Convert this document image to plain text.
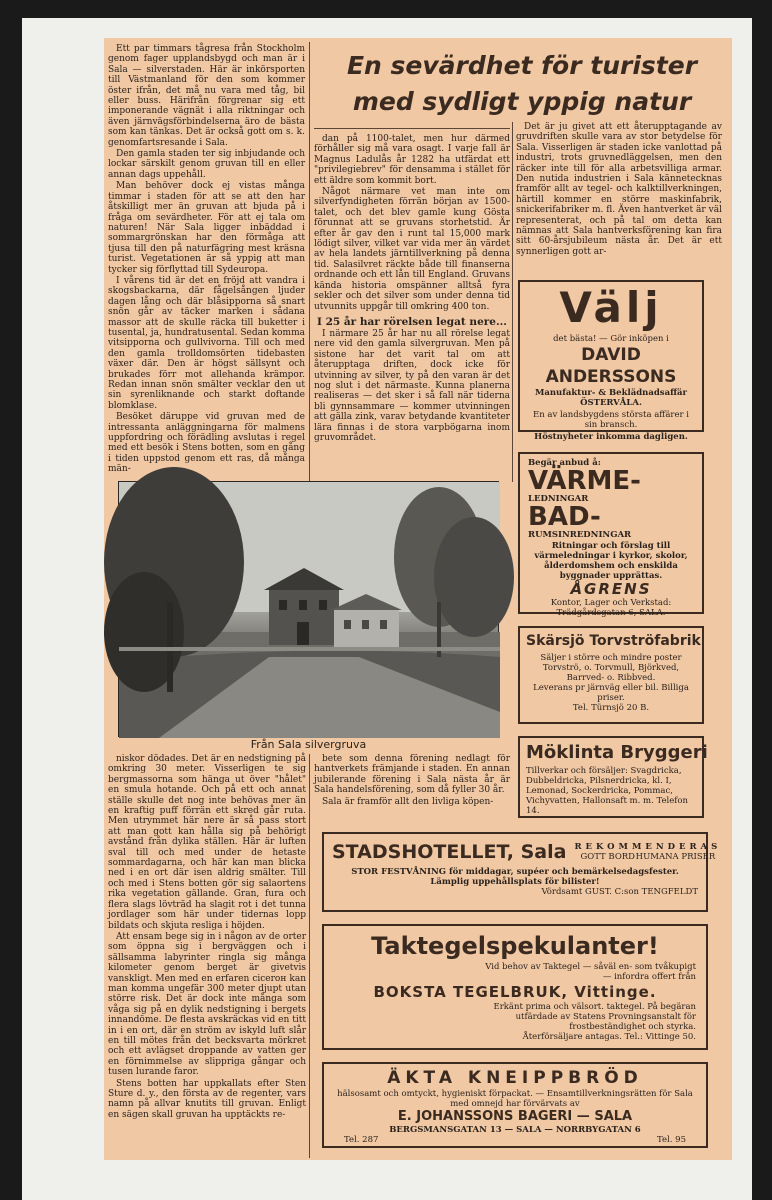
Ett par timmars tågresa från Stockholm genom fager upplandsbygd och man är i Sala — silverstaden. Här är inkörsporten till Västmanland för den som kommer öster ifrån, det må nu vara med tåg, bil eller buss. Härifrån förgrenar sig ett imponerande vägnät i alla riktningar och även järnvägsförbindelserna äro de bästa som kan tänkas. Det är också gott om s. k. genomfartsresande i Sala.

Den gamla staden ter sig inbjudande och lockar särskilt genom gruvan till en eller annan dags uppehåll.

Man behöver dock ej vistas många timmar i staden för att se att den har åtskilligt mer än gruvan att bjuda på i fråga om sevärdheter. För att ej tala om naturen! När Sala ligger inbäddad i sommargrönskan har den förmåga att tjusa till den på naturfägring mest kräsna turist. Vegetationen är så yppig att man tycker sig förflyttad till Sydeuropa.

I vårens tid är det en fröjd att vandra i skogsbackarna, där fågelsången ljuder dagen lång och där blåsipporna så snart snön går av täcker marken i sådana massor att de skulle räcka till buketter i tusental, ja, hundratusental. Sedan komma vitsipporna och gullvivorna. Till och med den gamla trolldomsörten tidebasten växer där. Den är högst sällsynt och brukades förr mot allehanda krämpor. Redan innan snön smälter vecklar den ut sin syrenliknande och starkt doftande blomklase.

Besöket däruppe vid gruvan med de intressanta anläggningarna för malmens uppfordring och förädling avslutas i regel med ett besök i Stens botten, som en gång i tiden uppstod genom ett ras, då många män-

En sevärdhet för turister
med sydligt yppig natur

dan på 1100-talet, men hur därmed förhåller sig må vara osagt. I varje fall är Magnus Ladulås år 1282 ha utfärdat ett "privilegiebrev" för densamma i stället för ett äldre som kommit bort.

Något närmare vet man inte om silverfyndigheten förrän början av 1500-talet, och det blev gamle kung Gösta förunnat att se gruvans storhetstid. Är efter år gav den i runt tal 15,000 mark lödigt silver, vilket var vida mer än värdet av hela landets järntillverkning på denna tid. Salasilvret räckte både till finanserna ordnande och ett lån till England. Gruvans kända historia omspänner alltså fyra sekler och det silver som under denna tid utvunnits uppgår till omkring 400 ton.

I 25 år har rörelsen legat nere...

I närmare 25 år har nu all rörelse legat nere vid den gamla silvergruvan. Men på sistone har det varit tal om att återupptaga driften, dock icke för utvinning av silver, ty på den varan är det nog slut i det närmaste. Kunna planerna realiseras — det sker i så fall när tiderna bli gynnsammare — kommer utvinningen att gälla zink, varav betydande kvantiteter lära finnas i de stora varpbögarna inom gruvområdet.

Det är ju givet att ett återupptagande av gruvdriften skulle vara av stor betydelse för Sala. Visserligen är staden icke vanlottad på industri, trots gruvnedläggelsen, men den räcker inte till för alla arbetsvilliga armar. Den nutida industrien i Sala kännetecknas framför allt av tegel- och kalktillverkningen, härtill kommer en större maskinfabrik, snickerifabriker m. fl. Även hantverket är väl representerat, och på tal om detta kan nämnas att Sala hantverksförening kan fira sitt 60-årsjubileum nästa år. Det är ett synnerligen gott ar-

Från Sala silvergruva

niskor dödades. Det är en nedstigning på omkring 30 meter. Visserligen te sig bergmassorna som hänga ut över "hålet" en smula hotande. Och på ett och annat ställe skulle det nog inte behövas mer än en kraftig puff förrän ett skred går ruta. Men utrymmet här nere är så pass stort att man gott kan hålla sig på behörigt avstånd från dylika ställen. Här är luften sval till och med under de hetaste sommardagarna, och här kan man blicka ned i en ort där isen aldrig smälter. Till och med i Stens botten gör sig salaortens rika vegetation gällande. Gran, fura och flera slags lövträd ha slagit rot i det tunna jordlager som här under tidernas lopp bildats och skjuta resliga i höjden.

Att ensam bege sig in i någon av de orter som öppna sig i bergväggen och i sällsamma labyrinter ringla sig många kilometer genom berget är givetvis vanskligt. Men med en erfaren cicerон kan man komma ungefär 300 meter djupt utan större risk. Det är dock inte många som våga sig på en dylik nedstigning i bergets innandöme. De flesta avskräckas vid en titt in i en ort, där en ström av iskyld luft slår en till mötes från det becksvarta mörkret och ett avlägset droppande av vatten ger en förnimmelse av slippriga gångar och tusen lurande faror.

Stens botten har uppkallats efter Sten Sture d. y., den första av de regenter, vars namn på allvar knutits till gruvan. Enligt en sägen skall gruvan ha upptäckts re-

bete som denna förening nedlagt för hantverkets främjande i staden. En annan jubilerande förening i Sala nästa år är Sala handelsförening, som då fyller 30 år.

Sala är framför allt den livliga köpen-

Välj
det bästa! — Gör inköpen i
DAVID ANDERSSONS
Manufaktur- & Beklädnadsaffär
ÖSTERVÅLA.
En av landsbygdens största affärer i sin bransch.
Höstnyheter inkomma dagligen.
Begär anbud å:
VÄRME-
LEDNINGAR
BAD-
RUMSINREDNINGAR
Ritningar och förslag till värmeledningar i kyrkor, skolor, ålderdomshem och enskilda byggnader upprättas.
ÅGRENS
Kontor, Lager och Verkstad: Trädgårdsgatan 6, SALA.
Skärsjö Torvströfabrik
Säljer i större och mindre poster Torvströ, o. Torvmull, Björkved, Barrved- o. Ribbved.
Leverans pr järnväg eller bil. Billiga priser.
Tel. Türnsjö 20 B.
Möklinta Bryggeri
Tillverkar och försäljer: Svagdricka, Dubbeldricka, Pilsnerdricka, kl. I, Lemonad, Sockerdricka, Pommac, Vichyvatten, Hallonsaft m. m. Telefon 14.
STADSHOTELLET, Sala REKOMMENDERAS
GOTT BORD HUMANA PRISER
STOR FESTVÅNING för middagar, supéer och bemärkelsedagsfester.
Lämplig uppehållsplats för bilister!
Vördsamt GUST. C:son TENGFELDT
Taktegelspekulanter!
Vid behov av Taktegel — såväl en- som tvåkupigt — infordra offert från
BOKSTA TEGELBRUK, Vittinge.
Erkänt prima och välsort. taktegel. På begäran utfärdade av Statens Provningsanstalt för frostbeständighet och styrka.
Återförsäljare antagas. Tel.: Vittinge 50.
ÄKTA KNEIPPBRÖD
hälsosamt och omtyckt, hygieniskt förpackat. — Ensamtillverkningsrätten för Sala med omnejd har förvärvats av
E. JOHANSSONS BAGERI — SALA
BERGSMANSGATAN 13 — SALA — NORRBYGATAN 6
Tel. 287	Tel. 95
